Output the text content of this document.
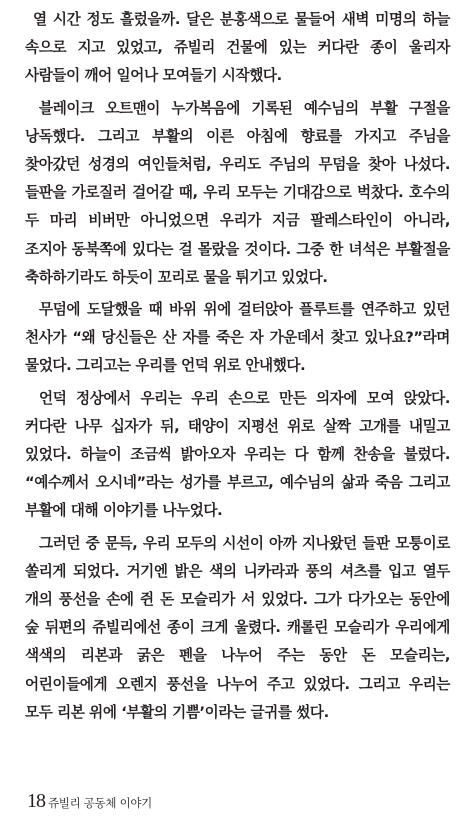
열 시간 정도 흘렀을까. 달은 분홍색으로 물들어 새벽 미명의 하늘 속으로 지고 있었고, 쥬빌리 건물에 있는 커다란 종이 울리자 사람들이 깨어 일어나 모여들기 시작했다.

블레이크 오트맨이 누가복음에 기록된 예수님의 부활 구절을 낭독했다. 그리고 부활의 이른 아침에 향료를 가지고 주님을 찾아갔던 성경의 여인들처럼, 우리도 주님의 무덤을 찾아 나섰다. 들판을 가로질러 걸어갈 때, 우리 모두는 기대감으로 벅찼다. 호수의 두 마리 비버만 아니었으면 우리가 지금 팔레스타인이 아니라, 조지아 동북쪽에 있다는 걸 몰랐을 것이다. 그중 한 녀석은 부활절을 축하하기라도 하듯이 꼬리로 물을 튀기고 있었다.

무덤에 도달했을 때 바위 위에 걸터앉아 플루트를 연주하고 있던 천사가 “왜 당신들은 산 자를 죽은 자 가운데서 찾고 있나요?”라며 물었다. 그리고는 우리를 언덕 위로 안내했다.

언덕 정상에서 우리는 우리 손으로 만든 의자에 모여 앉았다. 커다란 나무 십자가 뒤, 태양이 지평선 위로 살짝 고개를 내밀고 있었다. 하늘이 조금씩 밝아오자 우리는 다 함께 찬송을 불렀다. “예수께서 오시네”라는 성가를 부르고, 예수님의 삶과 죽음 그리고 부활에 대해 이야기를 나누었다.

그러던 중 문득, 우리 모두의 시선이 아까 지나왔던 들판 모퉁이로 쏠리게 되었다. 거기엔 밝은 색의 니카라과 풍의 셔츠를 입고 열두 개의 풍선을 손에 쥔 돈 모슬리가 서 있었다. 그가 다가오는 동안에 숲 뒤편의 쥬빌리에선 종이 크게 울렸다. 캐롤린 모슬리가 우리에게 색색의 리본과 굵은 펜을 나누어 주는 동안 돈 모슬리는, 어린이들에게 오렌지 풍선을 나누어 주고 있었다. 그리고 우리는 모두 리본 위에 ‘부활의 기쁨’이라는 글귀를 썼다.

18 쥬빌리 공동체 이야기
